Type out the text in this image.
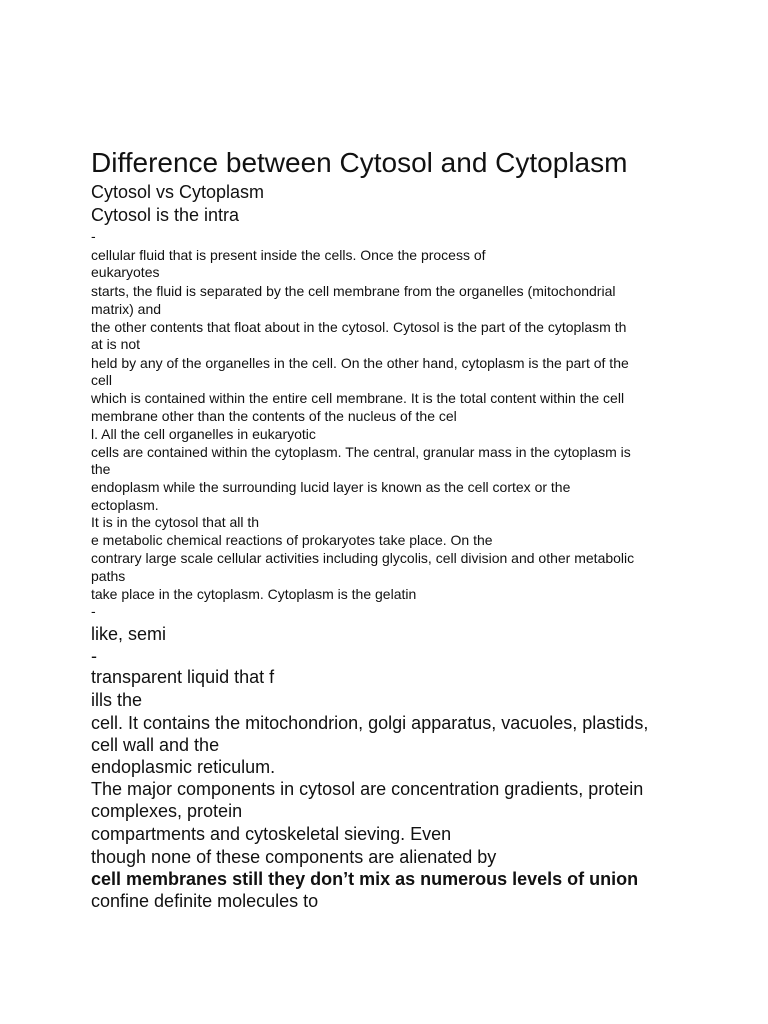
Difference between Cytosol and Cytoplasm
Cytosol vs Cytoplasm
Cytosol is the intra
-
cellular fluid that is present inside the cells. Once the process of
eukaryotes
starts, the fluid is separated by the cell membrane from the organelles (mitochondrial
matrix) and
the other contents that float about in the cytosol. Cytosol is the part of the cytoplasm th
at is not
held by any of the organelles in the cell. On the other hand, cytoplasm is the part of the
cell
which is contained within the entire cell membrane. It is the total content within the cell
membrane other than the contents of the nucleus of the cel
l. All the cell organelles in eukaryotic
cells are contained within the cytoplasm. The central, granular mass in the cytoplasm is
the
endoplasm while the surrounding lucid layer is known as the cell cortex or the
ectoplasm.
It is in the cytosol that all th
e metabolic chemical reactions of prokaryotes take place. On the
contrary large scale cellular activities including glycolis, cell division and other metabolic
paths
take place in the cytoplasm. Cytoplasm is the gelatin
-
like, semi
-
transparent liquid that f
ills the
cell. It contains the mitochondrion, golgi apparatus, vacuoles, plastids,
cell wall and the
endoplasmic reticulum.
The major components in cytosol are concentration gradients, protein
complexes, protein
compartments and cytoskeletal sieving. Even
though none of these components are alienated by
cell membranes still they don’t mix as numerous levels of union
confine definite molecules to
